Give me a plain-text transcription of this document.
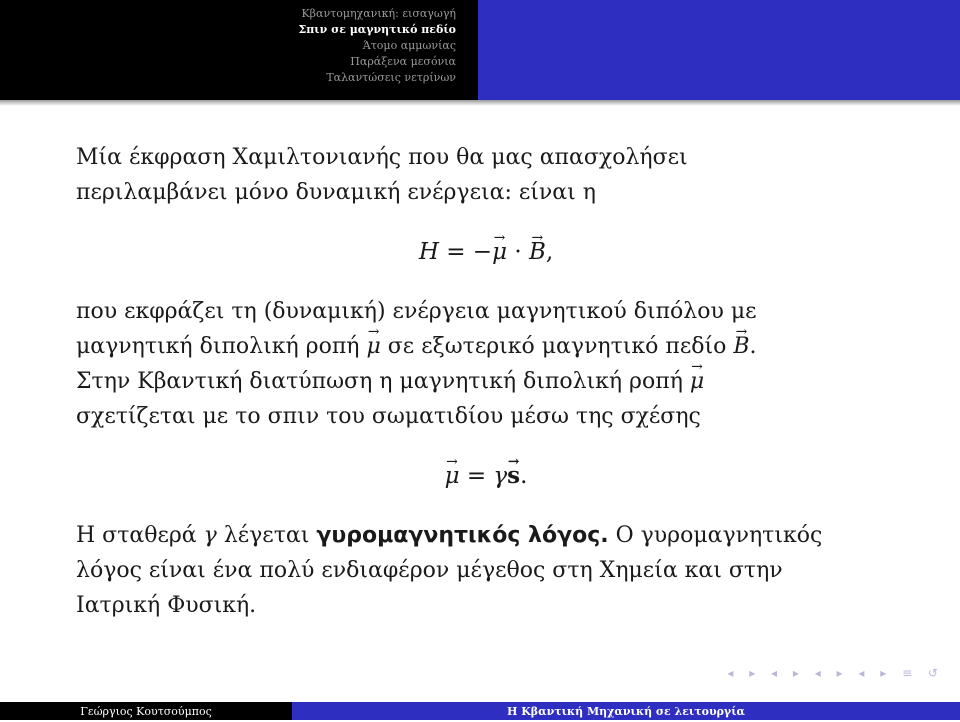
Κβαντομηχανική: εισαγωγή
Σπιν σε μαγνητικό πεδίο
Άτομο αμμωνίας
Παράξενα μεσόνια
Ταλαντώσεις νετρίνων

Μία έκφραση Χαμιλτονιανής που θα μας απασχολήσει

περιλαμβάνει μόνο δυναμική ενέργεια: είναι η

H = −→ μ · → B,

που εκφράζει τη (δυναμική) ενέργεια μαγνητικού διπόλου με

μαγνητική διπολική ροπή → μ σε εξωτερικό μαγνητικό πεδίο → B.

Στην Κβαντική διατύπωση η μαγνητική διπολική ροπή → μ

σχετίζεται με το σπιν του σωματιδίου μέσω της σχέσης

→ μ = γ→ s.

Η σταθερά γ λέγεται γυρομαγνητικός λόγος. Ο γυρομαγνητικός

λόγος είναι ένα πολύ ενδιαφέρον μέγεθος στη Χημεία και στην

Ιατρική Φυσική.

◂ ▸ ◂ ▸ ◂ ▸ ◂ ▸ ≡ ↺
Γεώργιος Κουτσούμπος	Η Κβαντική Μηχανική σε λειτουργία
